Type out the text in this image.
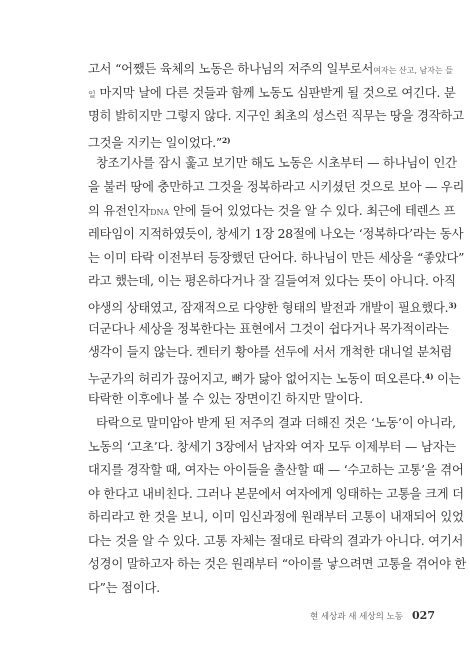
고서 “어쨌든 육체의 노동은 하나님의 저주의 일부로서여자는 산고, 남자는 들
일 마지막 날에 다른 것들과 함께 노동도 심판받게 될 것으로 여긴다. 분
명히 밝히지만 그렇지 않다. 지구인 최초의 성스런 직무는 땅을 경작하고
그것을 지키는 일이었다.”$^{2)}$
창조기사를 잠시 훑고 보기만 해도 노동은 시초부터 — 하나님이 인간
을 불러 땅에 충만하고 그것을 정복하라고 시키셨던 것으로 보아 — 우리
의 유전인자DNA 안에 들어 있었다는 것을 알 수 있다. 최근에 테렌스 프
레타임이 지적하였듯이, 창세기 1장 28절에 나오는 ‘정복하다’라는 동사
는 이미 타락 이전부터 등장했던 단어다. 하나님이 만든 세상을 “좋았다”
라고 했는데, 이는 평온하다거나 잘 길들여져 있다는 뜻이 아니다. 아직
야생의 상태였고, 잠재적으로 다양한 형태의 발전과 개발이 필요했다.$^{3)}$
더군다나 세상을 정복한다는 표현에서 그것이 쉽다거나 목가적이라는
생각이 들지 않는다. 켄터키 황야를 선두에 서서 개척한 대니얼 분처럼
누군가의 허리가 끊어지고, 뼈가 닳아 없어지는 노동이 떠오른다.$^{4)}$ 이는
타락한 이후에나 볼 수 있는 장면이긴 하지만 말이다.
타락으로 말미암아 받게 된 저주의 결과 더해진 것은 ‘노동’이 아니라,
노동의 ‘고초’다. 창세기 3장에서 남자와 여자 모두 이제부터 — 남자는
대지를 경작할 때, 여자는 아이들을 출산할 때 — ‘수고하는 고통’을 겪어
야 한다고 내비친다. 그러나 본문에서 여자에게 잉태하는 고통을 크게 더
하리라고 한 것을 보니, 이미 임신과정에 원래부터 고통이 내재되어 있었
다는 것을 알 수 있다. 고통 자체는 절대로 타락의 결과가 아니다. 여기서
성경이 말하고자 하는 것은 원래부터 “아이를 낳으려면 고통을 겪어야 한
다”는 점이다.
현 세상과 새 세상의 노동 027
